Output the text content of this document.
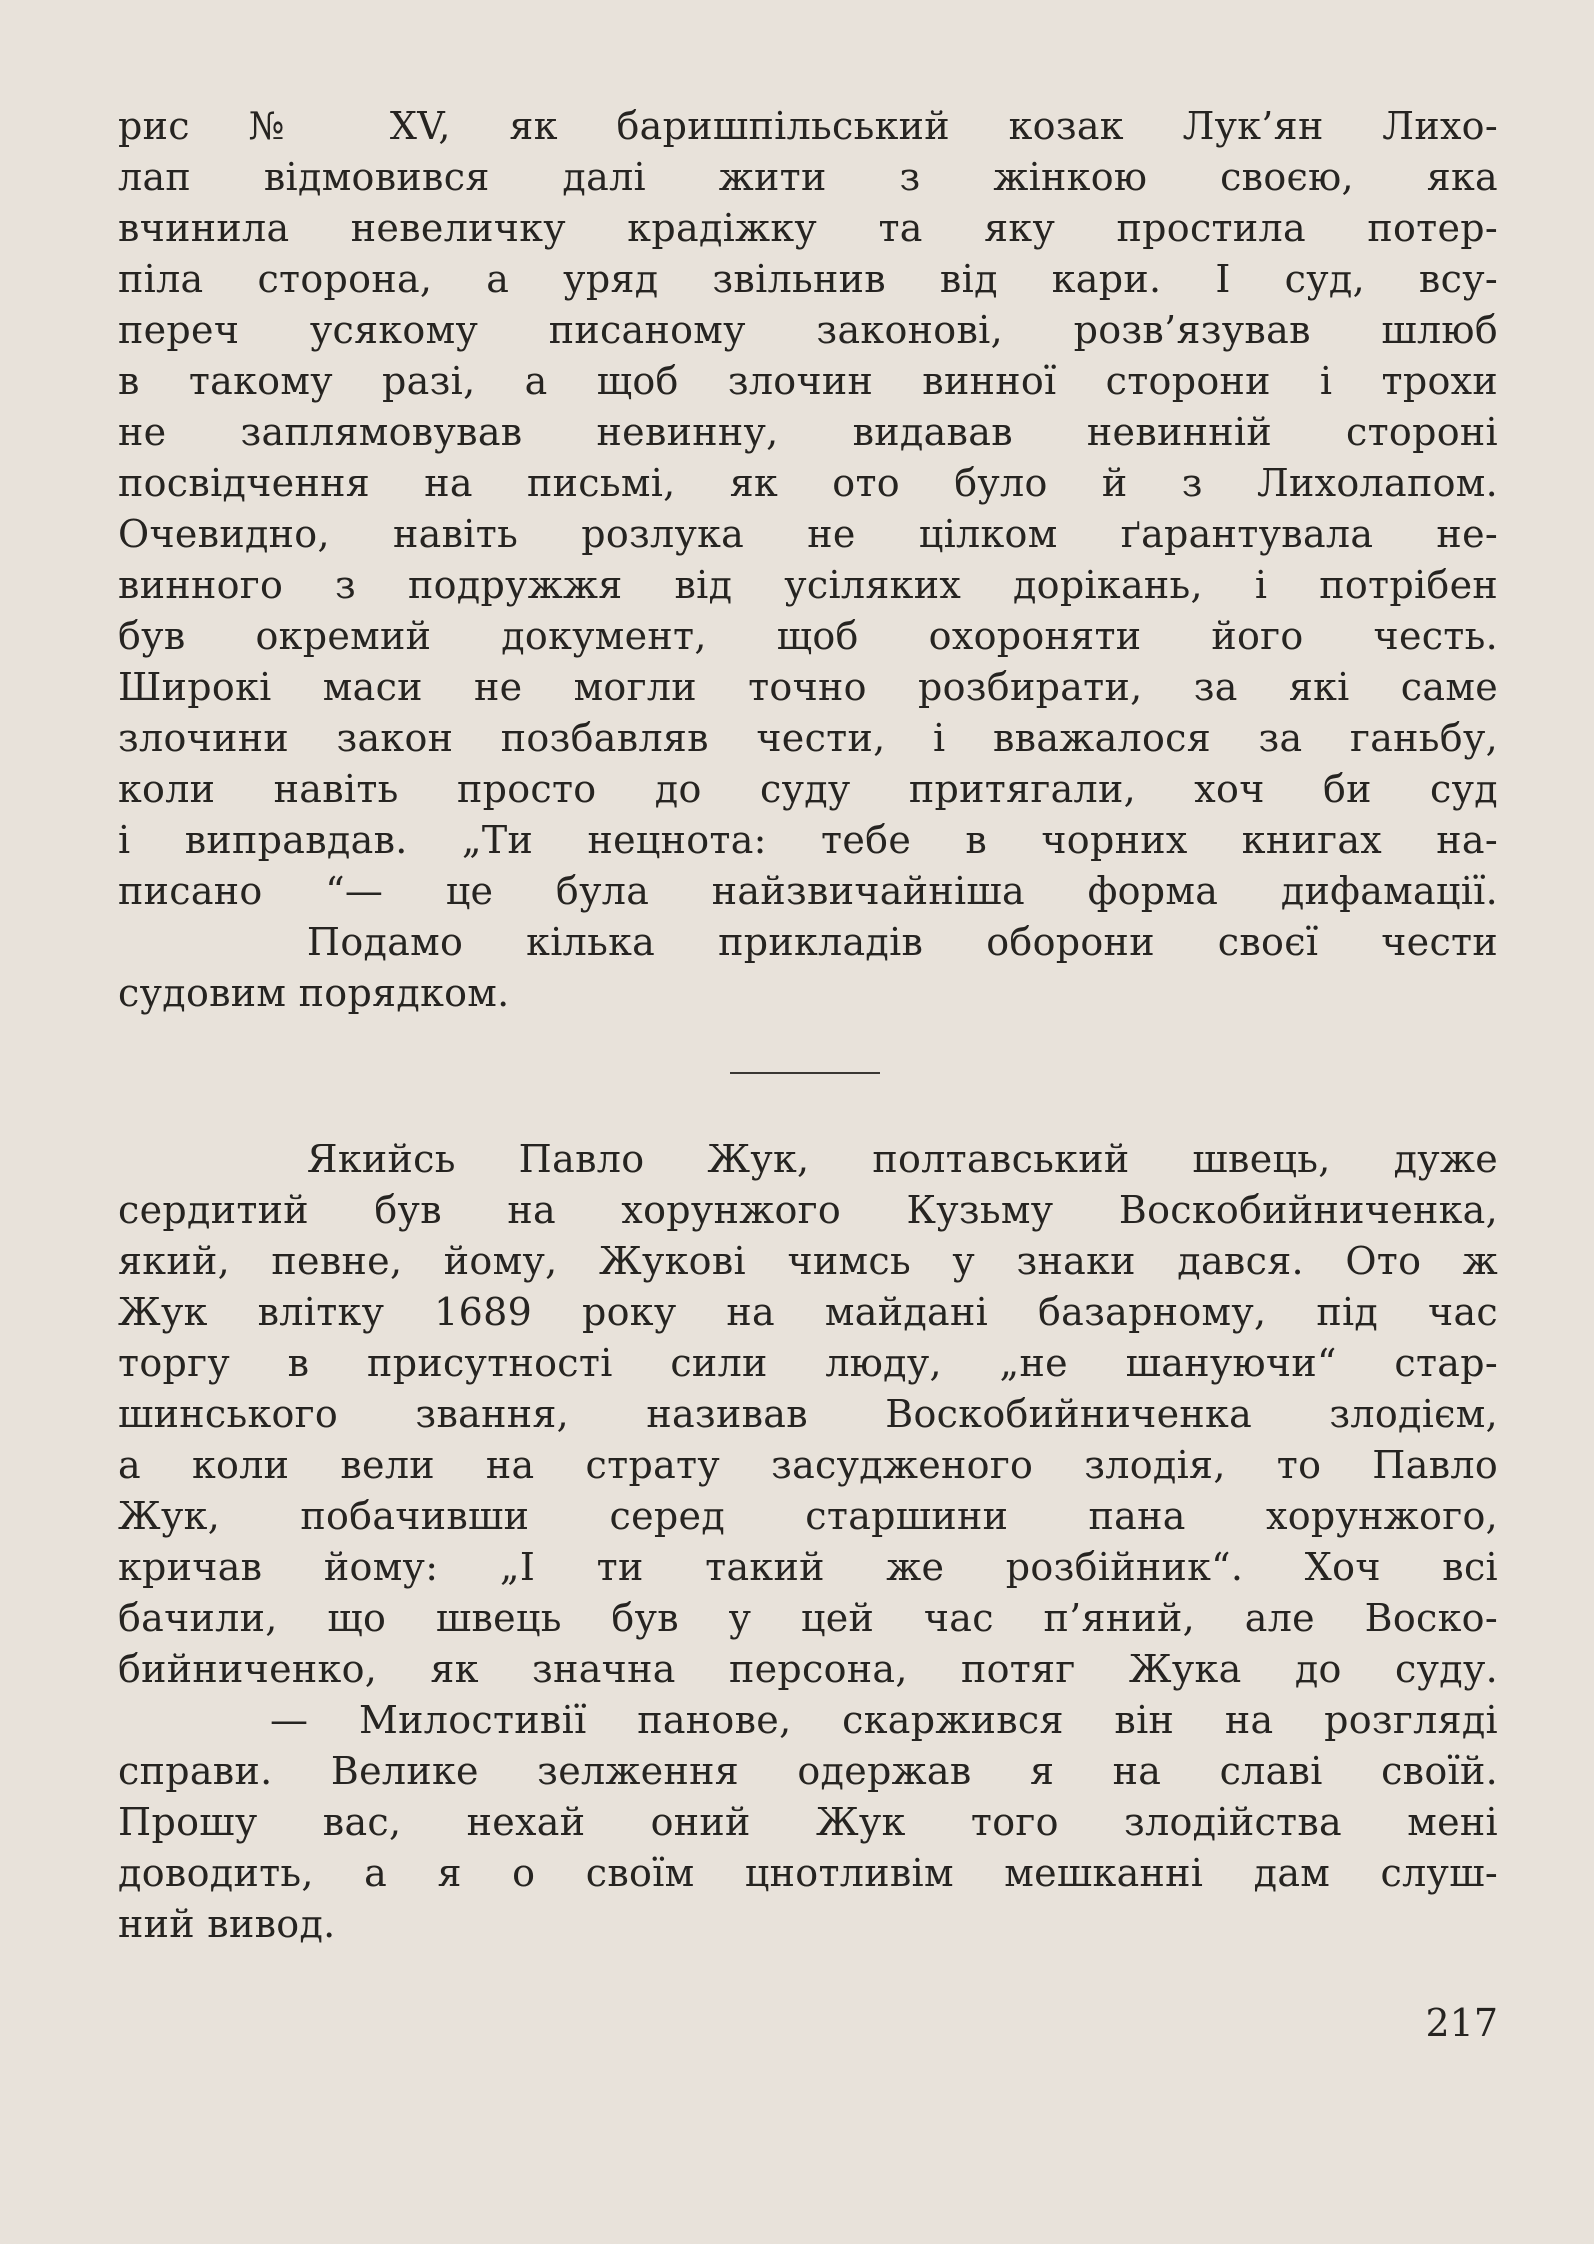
рис № XV, як баришпільський козак Лук’ян Лихо-
лап відмовився далі жити з жінкою своєю, яка
вчинила невеличку крадіжку та яку простила потер-
піла сторона, а уряд звільнив від кари. І суд, всу-
переч усякому писаному законові, розв’язував шлюб
в такому разі, а щоб злочин винної сторони і трохи
не заплямовував невинну, видавав невинній стороні
посвідчення на письмі, як ото було й з Лихолапом.
Очевидно, навіть розлука не цілком ґарантувала не-
винного з подружжя від усіляких дорікань, і потрібен
був окремий документ, щоб охороняти його честь.
Широкі маси не могли точно розбирати, за які саме
злочини закон позбавляв чести, і вважалося за ганьбу,
коли навіть просто до суду притягали, хоч би суд
і виправдав. „Ти нецнота: тебе в чорних книгах на-
писано “— це була найзвичайніша форма дифамації.
Подамо кілька прикладів оборони своєї чести
судовим порядком.
Якийсь Павло Жук, полтавський швець, дуже
сердитий був на хорунжого Кузьму Воскобийниченка,
який, певне, йому, Жукові чимсь у знаки дався. Ото ж
Жук влітку 1689 року на майдані базарному, під час
торгу в присутності сили люду, „не шануючи“ стар-
шинського звання, називав Воскобийниченка злодієм,
а коли вели на страту засудженого злодія, то Павло
Жук, побачивши серед старшини пана хорунжого,
кричав йому: „І ти такий же розбійник“. Хоч всі
бачили, що швець був у цей час п’яний, але Воско-
бийниченко, як значна персона, потяг Жука до суду.
— Милостивії панове, скаржився він на розгляді
справи. Велике зелження одержав я на славі своїй.
Прошу вас, нехай оний Жук того злодійства мені
доводить, а я о своїм цнотливім мешканні дам слуш-
ний вивод.
217
